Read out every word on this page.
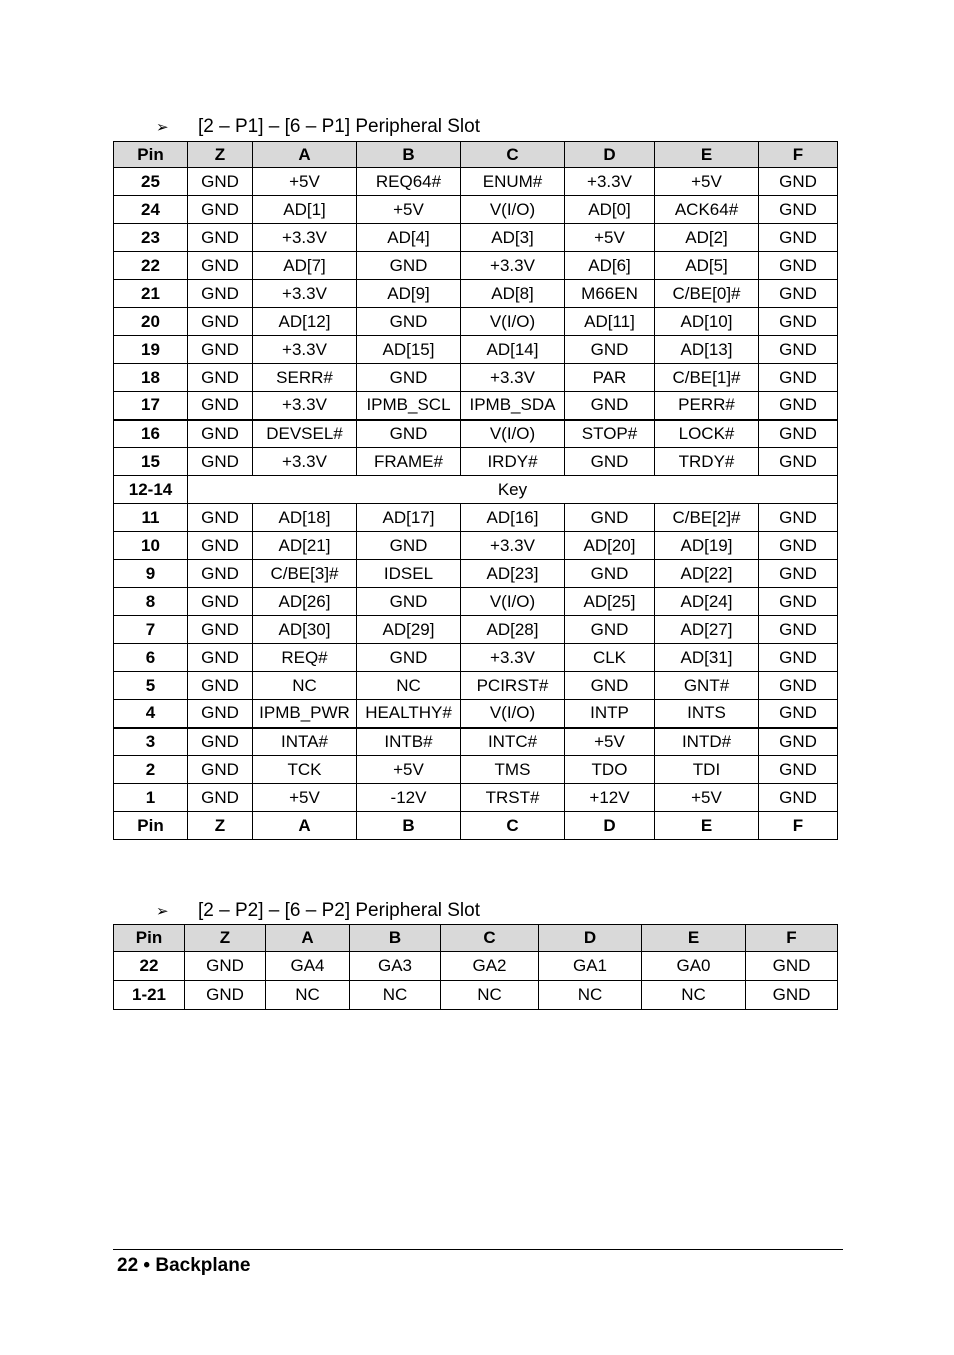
➢ [2 – P1] – [6 – P1] Peripheral Slot
Pin	Z	A	B	C	D	E	F
25	GND	+5V	REQ64#	ENUM#	+3.3V	+5V	GND
24	GND	AD[1]	+5V	V(I/O)	AD[0]	ACK64#	GND
23	GND	+3.3V	AD[4]	AD[3]	+5V	AD[2]	GND
22	GND	AD[7]	GND	+3.3V	AD[6]	AD[5]	GND
21	GND	+3.3V	AD[9]	AD[8]	M66EN	C/BE[0]#	GND
20	GND	AD[12]	GND	V(I/O)	AD[11]	AD[10]	GND
19	GND	+3.3V	AD[15]	AD[14]	GND	AD[13]	GND
18	GND	SERR#	GND	+3.3V	PAR	C/BE[1]#	GND
17	GND	+3.3V	IPMB_SCL	IPMB_SDA	GND	PERR#	GND
16	GND	DEVSEL#	GND	V(I/O)	STOP#	LOCK#	GND
15	GND	+3.3V	FRAME#	IRDY#	GND	TRDY#	GND
12-14	Key						
11	GND	AD[18]	AD[17]	AD[16]	GND	C/BE[2]#	GND
10	GND	AD[21]	GND	+3.3V	AD[20]	AD[19]	GND
9	GND	C/BE[3]#	IDSEL	AD[23]	GND	AD[22]	GND
8	GND	AD[26]	GND	V(I/O)	AD[25]	AD[24]	GND
7	GND	AD[30]	AD[29]	AD[28]	GND	AD[27]	GND
6	GND	REQ#	GND	+3.3V	CLK	AD[31]	GND
5	GND	NC	NC	PCIRST#	GND	GNT#	GND
4	GND	IPMB_PWR	HEALTHY#	V(I/O)	INTP	INTS	GND
3	GND	INTA#	INTB#	INTC#	+5V	INTD#	GND
2	GND	TCK	+5V	TMS	TDO	TDI	GND
1	GND	+5V	-12V	TRST#	+12V	+5V	GND
Pin	Z	A	B	C	D	E	F
➢ [2 – P2] – [6 – P2] Peripheral Slot
Pin	Z	A	B	C	D	E	F
22	GND	GA4	GA3	GA2	GA1	GA0	GND
1-21	GND	NC	NC	NC	NC	NC	GND
22 • Backplane
